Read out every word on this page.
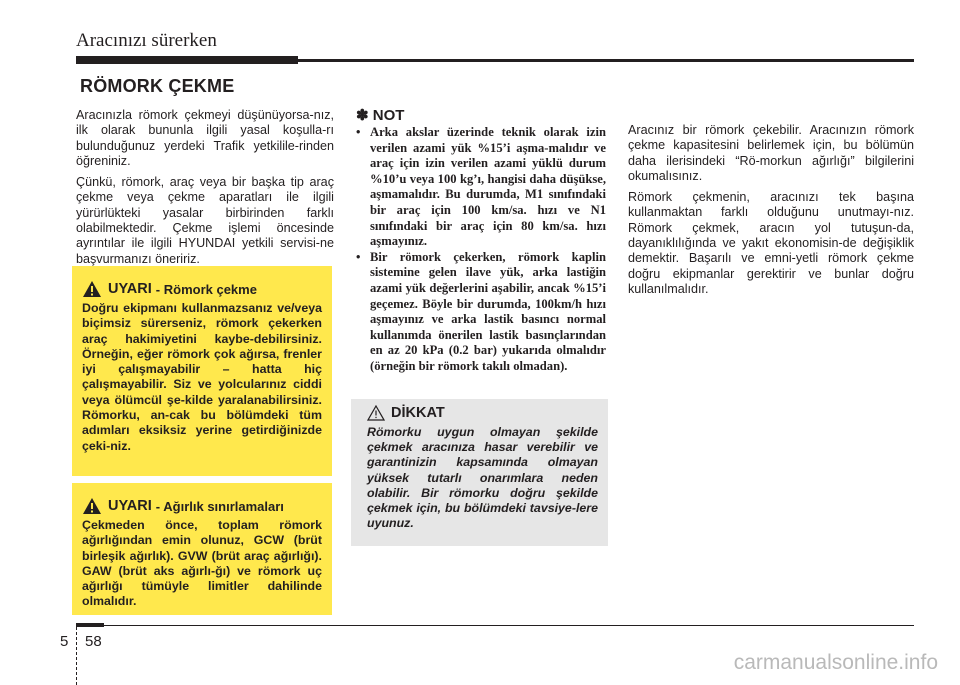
Aracınızı sürerken
RÖMORK ÇEKME

Aracınızla römork çekmeyi düşünüyorsa-nız, ilk olarak bununla ilgili yasal koşulla-rı bulunduğunuz yerdeki Trafik yetkilile-rinden öğreniniz.

Çünkü, römork, araç veya bir başka tip araç çekme veya çekme aparatları ile ilgili yürürlükteki yasalar birbirinden farklı olabilmektedir. Çekme işlemi öncesinde ayrıntılar ile ilgili HYUNDAI yetkili servisi-ne başvurmanızı öneririz.

UYARI - Römork çekme
Doğru ekipmanı kullanmazsanız ve/veya biçimsiz sürerseniz, römork çekerken araç hakimiyetini kaybe-debilirsiniz. Örneğin, eğer römork çok ağırsa, frenler iyi çalışmayabilir – hatta hiç çalışmayabilir. Siz ve yolcularınız ciddi veya ölümcül şe-kilde yaralanabilirsiniz. Römorku, an-cak bu bölümdeki tüm adımları eksiksiz yerine getirdiğinizde çeki-niz.
UYARI - Ağırlık sınırlamaları
Çekmeden önce, toplam römork ağırlığından emin olunuz, GCW (brüt birleşik ağırlık). GVW (brüt araç ağırlığı). GAW (brüt aks ağırlı-ğı) ve römork uç ağırlığı tümüyle limitler dahilinde olmalıdır.
✽ NOT
• Arka akslar üzerinde teknik olarak izin verilen azami yük %15’i aşma-malıdır ve araç için izin verilen azami yüklü durum %10’u veya 100 kg’ı, hangisi daha düşükse, aşmamalıdır. Bu durumda, M1 sınıfındaki bir araç için 100 km/sa. hızı ve N1 sınıfındaki bir araç için 80 km/sa. hızı aşmayınız.
• Bir römork çekerken, römork kaplin sistemine gelen ilave yük, arka lastiğin azami yük değerlerini aşabilir, ancak %15’i geçemez. Böyle bir durumda, 100km/h hızı aşmayınız ve arka lastik basıncı normal kullanımda önerilen lastik basınçlarından en az 20 kPa (0.2 bar) yukarıda olmalıdır (örneğin bir römork takılı olmadan).
DİKKAT
Römorku uygun olmayan şekilde çekmek aracınıza hasar verebilir ve garantinizin kapsamında olmayan yüksek tutarlı onarımlara neden olabilir. Bir römorku doğru şekilde çekmek için, bu bölümdeki tavsiye-lere uyunuz.

Aracınız bir römork çekebilir. Aracınızın römork çekme kapasitesini belirlemek için, bu bölümün daha ilerisindeki “Rö-morkun ağırlığı” bilgilerini okumalısınız.

Römork çekmenin, aracınızı tek başına kullanmaktan farklı olduğunu unutmayı-nız. Römork çekmek, aracın yol tutuşun-da, dayanıklılığında ve yakıt ekonomisin-de değişiklik demektir. Başarılı ve emni-yetli römork çekme doğru ekipmanlar gerektirir ve bunlar doğru kullanılmalıdır.

5 58
carmanualsonline.info
